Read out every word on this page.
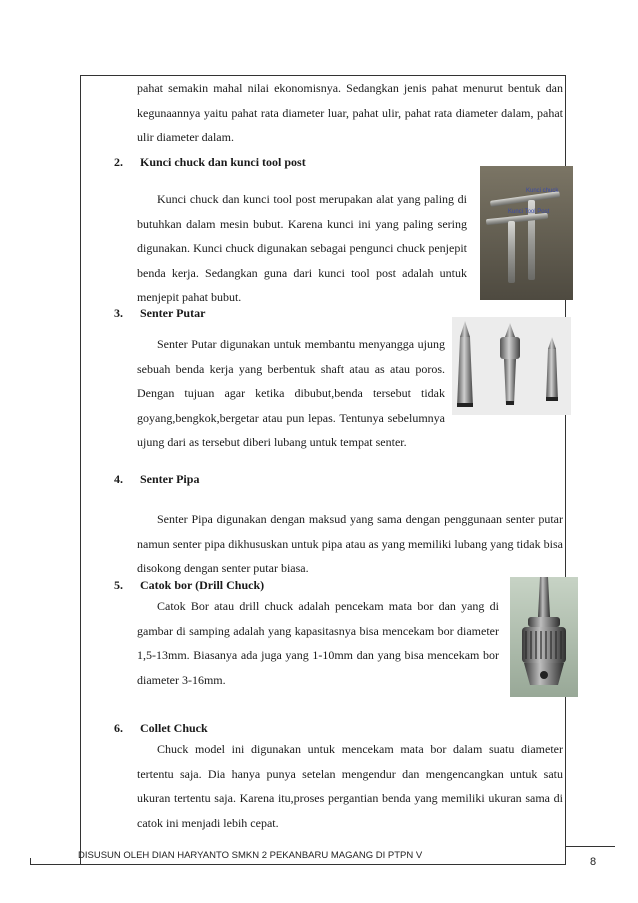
pahat semakin mahal nilai ekonomisnya. Sedangkan jenis pahat menurut bentuk dan kegunaannya yaitu pahat rata diameter luar, pahat ulir, pahat rata diameter dalam, pahat ulir diameter dalam.

2. Kunci chuck dan kunci tool post

Kunci chuck dan kunci tool post merupakan alat yang paling di butuhkan dalam mesin bubut. Karena kunci ini yang paling sering digunakan. Kunci chuck digunakan sebagai pengunci chuck penjepit benda kerja. Sedangkan guna dari kunci tool post adalah untuk menjepit pahat bubut.

Kunci chuck
Kunci Tool Post
3. Senter Putar

Senter Putar digunakan untuk membantu menyangga ujung sebuah benda kerja yang berbentuk shaft atau as atau poros. Dengan tujuan agar ketika dibubut,benda tersebut tidak goyang,bengkok,bergetar atau pun lepas. Tentunya sebelumnya ujung dari as tersebut diberi lubang untuk tempat senter.

4. Senter Pipa

Senter Pipa digunakan dengan maksud yang sama dengan penggunaan senter putar namun senter pipa dikhususkan untuk pipa atau as yang memiliki lubang yang tidak bisa disokong dengan senter putar biasa.

5. Catok bor (Drill Chuck)

Catok Bor atau drill chuck adalah pencekam mata bor dan yang di gambar di samping adalah yang kapasitasnya bisa mencekam bor diameter 1,5-13mm. Biasanya ada juga yang 1-10mm dan yang bisa mencekam bor diameter 3-16mm.

6. Collet Chuck

Chuck model ini digunakan untuk mencekam mata bor dalam suatu diameter tertentu saja. Dia hanya punya setelan mengendur dan mengencangkan untuk satu ukuran tertentu saja. Karena itu,proses pergantian benda yang memiliki ukuran sama di catok ini menjadi lebih cepat.

DISUSUN OLEH DIAN HARYANTO SMKN 2 PEKANBARU MAGANG DI PTPN V
8
